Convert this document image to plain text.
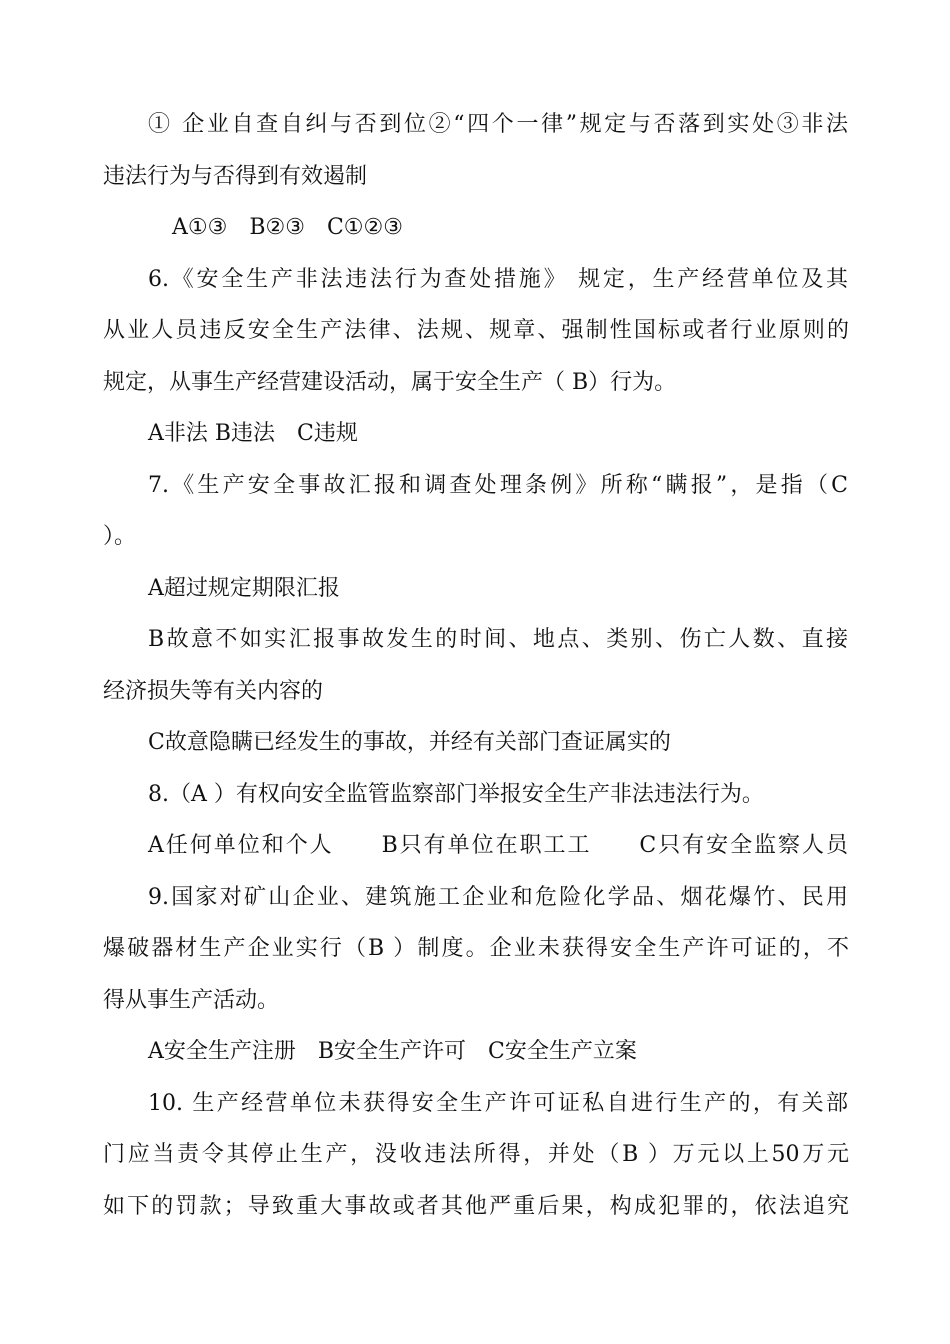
① 企业自查自纠与否到位②“四个一律”规定与否落到实处③非法
违法行为与否得到有效遏制
A①③　B②③　C①②③
6.《安全生产非法违法行为查处措施》 规定，生产经营单位及其
从业人员违反安全生产法律、法规、规章、强制性国标或者行业原则的
规定，从事生产经营建设活动，属于安全生产（ B）行为。
A非法 B违法　C违规
7.《生产安全事故汇报和调查处理条例》所称“瞒报”，是指（C
）。
A超过规定期限汇报
B故意不如实汇报事故发生的时间、地点、类别、伤亡人数、直接
经济损失等有关内容的
C故意隐瞒已经发生的事故，并经有关部门查证属实的
8.（A ）有权向安全监管监察部门举报安全生产非法违法行为。
A任何单位和个人　　B只有单位在职工工　　C只有安全监察人员
9.国家对矿山企业、建筑施工企业和危险化学品、烟花爆竹、民用
爆破器材生产企业实行（B ）制度。企业未获得安全生产许可证的，不
得从事生产活动。
A安全生产注册　B安全生产许可　C安全生产立案
10. 生产经营单位未获得安全生产许可证私自进行生产的，有关部
门应当责令其停止生产，没收违法所得，并处（B ）万元以上50万元
如下的罚款；导致重大事故或者其他严重后果，构成犯罪的，依法追究
